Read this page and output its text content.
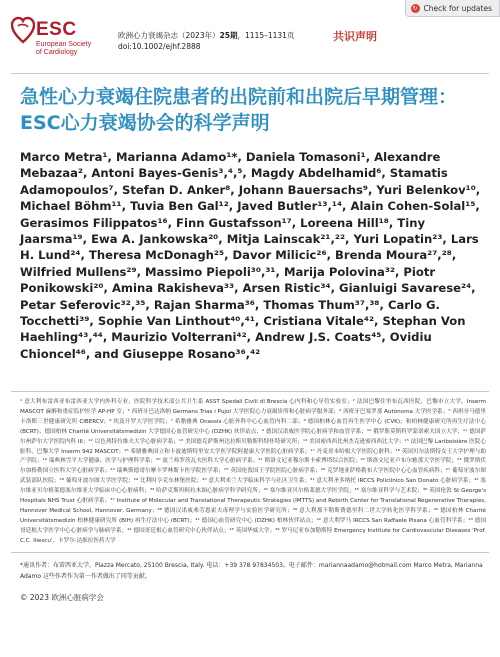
↻ Check for updates
ESC
European Society
of Cardiology
欧洲心力衰竭杂志（2023年）25期，1115–1131页
doi:10.1002/ejhf.2888
共识声明
急性心力衰竭住院患者的出院前和出院后早期管理：ESC心力衰竭协会的科学声明

Marco Metra¹, Marianna Adamo¹*, Daniela Tomasoni¹, Alexandre Mebazaa², Antoni Bayes-Genis³,⁴,⁵, Magdy Abdelhamid⁶, Stamatis Adamopoulos⁷, Stefan D. Anker⁸, Johann Bauersachs⁹, Yuri Belenkov¹⁰, Michael Böhm¹¹, Tuvia Ben Gal¹², Javed Butler¹³,¹⁴, Alain Cohen-Solal¹⁵, Gerasimos Filippatos¹⁶, Finn Gustafsson¹⁷, Loreena Hill¹⁸, Tiny Jaarsma¹⁹, Ewa A. Jankowska²⁰, Mitja Lainscak²¹,²², Yuri Lopatin²³, Lars H. Lund²⁴, Theresa McDonagh²⁵, Davor Milicic²⁶, Brenda Moura²⁷,²⁸, Wilfried Mullens²⁹, Massimo Piepoli³⁰,³¹, Marija Polovina³², Piotr Ponikowski²⁰, Amina Rakisheva³³, Arsen Ristic³⁴, Gianluigi Savarese²⁴, Petar Seferovic³²,³⁵, Rajan Sharma³⁶, Thomas Thum³⁷,³⁸, Carlo G. Tocchetti³⁹, Sophie Van Linthout⁴⁰,⁴¹, Cristiana Vitale⁴², Stephan Von Haehling⁴³,⁴⁴, Maurizio Volterrani⁴², Andrew J.S. Coats⁴⁵, Ovidiu Chioncel⁴⁶, and Giuseppe Rosano³⁶,⁴²

¹ 意大利布雷西亚布雷西亚大学内外科专业，医院科学技术部公共卫生系 ASST Spedali Civili di Brescia 心内科和心导管实验室；² 法国巴黎住里布瓦西医院，巴黎市立大学，Inserm MASCOT 麻醉和重症监护医学 AP-HP 室；³ 西班牙巴达洛纳 Germans Trias i Pujol 大学医院心力衰竭诊所和心脏病学服务部；⁴ 西班牙巴塞罗那 Autònoma 大学医学系；⁵ 西班牙马德里卡洛斯三世健康研究所 CIBERCV；⁶ 埃及开罗大学医学院；⁷ 希腊雅典 Onassis 心脏外科中心心血管内科二部；⁸ 德国柏林心血管再生医学中心 (CVK)；和柏林健康研究所再生疗法中心 (BCRT)；德国柏林 Charité Universitätsmedizin 大学德国心血管研究中心 (DZHK) 伙伴站点；⁹ 德国汉诺威医学院心脏病学和血管学系；¹⁰ 俄罗斯莫斯科罗蒙诺索夫国立大学；¹¹ 德国萨尔州萨尔大学医院内科 III；¹² 以色列特拉维夫大学心脏病学系；¹³ 美国德克萨斯州达拉斯贝勒斯科特怀特研究所；¹⁴ 美国密西西比州杰克逊密西西比大学；¹⁵ 法国巴黎 Lariboisière 医院心脏科，巴黎大学 Inserm 942 MASCOT；¹⁶ 希腊雅典国立和卡波迪斯特里安大学医学院阿提康大学医院心脏病学系；¹⁷ 丹麦哥本哈根大学医院心脏科；¹⁸ 英国贝尔法斯特女王大学护理与助产学院；¹⁹ 瑞典林雪平大学健康、医学与护理科学系；²⁰ 波兰弗罗茨瓦夫医科大学心脏病学系；²¹ 斯洛文尼亚穆尔斯卡索博塔综合医院；²² 斯洛文尼亚卢布尔雅那大学医学院；²³ 俄罗斯伏尔加格勒国立医科大学心脏病学系；²⁴ 瑞典斯德哥尔摩卡罗林斯卡医学院医学系；²⁵ 英国伦敦国王学院医院心脏病学系；²⁶ 克罗地亚萨格勒布大学医院中心心血管疾病科；²⁷ 葡萄牙波尔图武装部队医院；²⁸ 葡萄牙波尔图大学医学院；²⁹ 比利时亨克东林堡医院；³⁰ 意大利米兰大学临床科学与社区卫生系；³¹ 意大利圣多纳托 IRCCS Policlinico San Donato 心脏病学系；³² 塞尔维亚贝尔格莱德塞尔维亚大学临床中心心脏病科；³³ 哈萨克斯坦阿拉木图心脏病学科学研究所；³⁴ 塞尔维亚贝尔格莱德大学医学院；³⁵ 塞尔维亚科学与艺术院；³⁶ 英国伦敦 St George's Hospitals NHS Trust 心脏病学系；³⁷ Institute of Molecular and Translational Therapeutic Strategies (IMTTS) and Rebirth Center for Translational Regenerative Therapies, Hannover Medical School, Hannover, Germany；³⁸ 德国汉诺威弗劳恩霍夫毒理学与实验医学研究所；³⁹ 意大利那不勒斯费德里科二世大学转化医学科学系；⁴⁰ 德国柏林 Charité Universitätsmedizin 柏林健康研究所 (BIH) 再生疗法中心 (BCRT)；⁴¹ 德国心血管研究中心 (DZHK) 柏林伙伴站点；⁴² 意大利罗马 IRCCS San Raffaele Pisana 心血管科学系；⁴³ 德国哥廷根大学医学中心心脏病学与肺病学系；⁴⁴ 德国哥廷根心血管研究中心伙伴站点；⁴⁵ 英国华威大学；⁴⁶ 罗马尼亚布加勒斯特 Emergency Institute for Cardiovascular Diseases 'Prof. C.C. Iliescu'，卡罗尔·达维拉医药大学

*通讯作者：布雷西亚大学，Piazza Mercato, 25100 Brescia, Italy. 电话：+39 378 97834503。电子邮件：mariannaadamo@hotmail.com Marco Metra, Marianna Adamo 这些作者作为第一作者做出了同等贡献。

© 2023 欧洲心脏病学会
